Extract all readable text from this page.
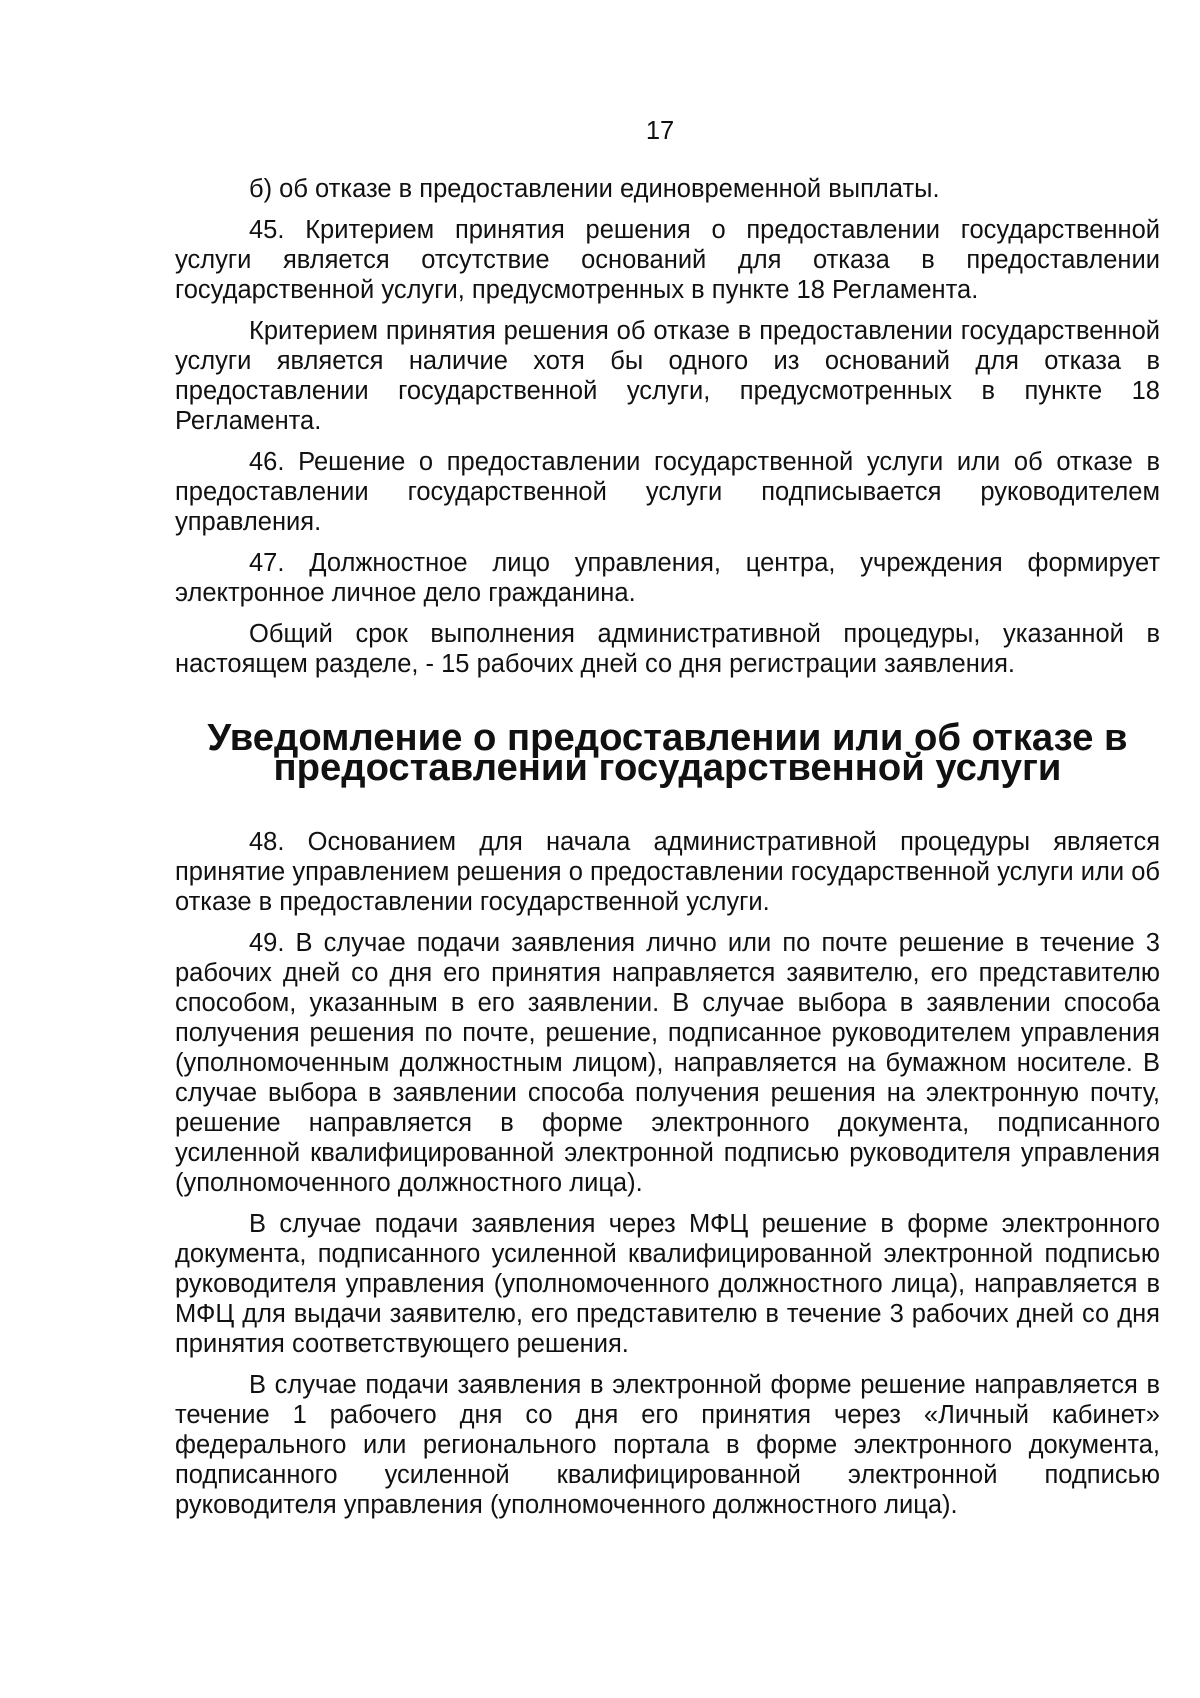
17

б) об отказе в предоставлении единовременной выплаты.

45. Критерием принятия решения о предоставлении государственной услуги является отсутствие оснований для отказа в предоставлении государственной услуги, предусмотренных в пункте 18 Регламента.

Критерием принятия решения об отказе в предоставлении государственной услуги является наличие хотя бы одного из оснований для отказа в предоставлении государственной услуги, предусмотренных в пункте 18 Регламента.

46. Решение о предоставлении государственной услуги или об отказе в предоставлении государственной услуги подписывается руководителем управления.

47. Должностное лицо управления, центра, учреждения формирует электронное личное дело гражданина.

Общий срок выполнения административной процедуры, указанной в настоящем разделе, - 15 рабочих дней со дня регистрации заявления.

Уведомление о предоставлении или об отказе в предоставлении государственной услуги

48. Основанием для начала административной процедуры является принятие управлением решения о предоставлении государственной услуги или об отказе в предоставлении государственной услуги.

49. В случае подачи заявления лично или по почте решение в течение 3 рабочих дней со дня его принятия направляется заявителю, его представителю способом, указанным в его заявлении. В случае выбора в заявлении способа получения решения по почте, решение, подписанное руководителем управления (уполномоченным должностным лицом), направляется на бумажном носителе. В случае выбора в заявлении способа получения решения на электронную почту, решение направляется в форме электронного документа, подписанного усиленной квалифицированной электронной подписью руководителя управления (уполномоченного должностного лица).

В случае подачи заявления через МФЦ решение в форме электронного документа, подписанного усиленной квалифицированной электронной подписью руководителя управления (уполномоченного должностного лица), направляется в МФЦ для выдачи заявителю, его представителю в течение 3 рабочих дней со дня принятия соответствующего решения.

В случае подачи заявления в электронной форме решение направляется в течение 1 рабочего дня со дня его принятия через «Личный кабинет» федерального или регионального портала в форме электронного документа, подписанного усиленной квалифицированной электронной подписью руководителя управления (уполномоченного должностного лица).
